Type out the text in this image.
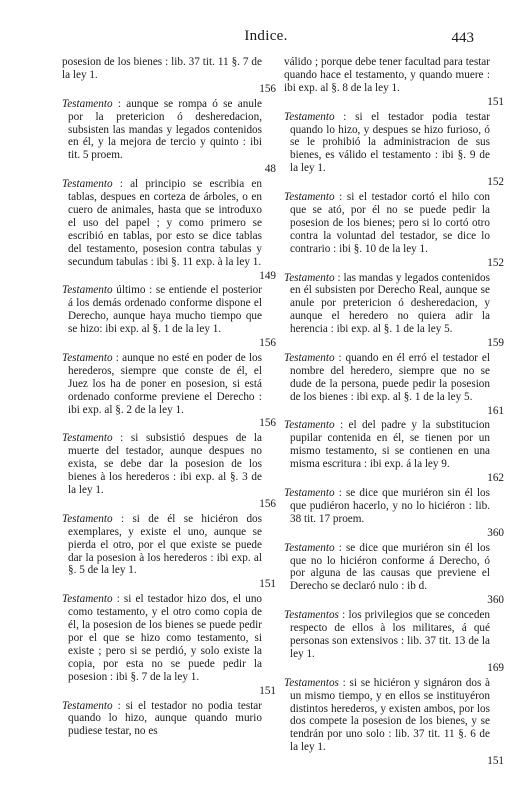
Indice.	443
posesion de los bienes : lib. 37 tit. 11 §. 7 de la ley 1.
156
Testamento : aunque se rompa ó se anule por la pretericion ó desheredacion, subsisten las mandas y legados contenidos en él, y la mejora de tercio y quinto : ibi tit. 5 proem.
48
Testamento : al principio se escribia en tablas, despues en corteza de árboles, o en cuero de animales, hasta que se introduxo el uso del papel ; y como primero se escribió en tablas, por esto se dice tablas del testamento, posesion contra tabulas y secundum tabulas : ibi §. 11 exp. à la ley 1.
149
Testamento último : se entiende el posterior á los demás ordenado conforme dispone el Derecho, aunque haya mucho tiempo que se hizo: ibi exp. al §. 1 de la ley 1.
156
Testamento : aunque no esté en poder de los herederos, siempre que conste de él, el Juez los ha de poner en posesion, si está ordenado conforme previene el Derecho : ibi exp. al §. 2 de la ley 1.
156
Testamento : si subsistió despues de la muerte del testador, aunque despues no exista, se debe dar la posesion de los bienes à los herederos : ibi exp. al §. 3 de la ley 1.
156
Testamento : si de él se hiciéron dos exemplares, y existe el uno, aunque se pierda el otro, por el que existe se puede dar la posesion à los herederos : ibi exp. al §. 5 de la ley 1.
151
Testamento : si el testador hizo dos, el uno como testamento, y el otro como copia de él, la posesion de los bienes se puede pedir por el que se hizo como testamento, si existe ; pero si se perdió, y solo existe la copia, por esta no se puede pedir la posesion : ibi §. 7 de la ley 1.
151
Testamento : si el testador no podia testar quando lo hizo, aunque quando murio pudiese testar, no es
válido ; porque debe tener facultad para testar quando hace el testamento, y quando muere : ibi exp. al §. 8 de la ley 1.
151
Testamento : si el testador podia testar quando lo hizo, y despues se hizo furioso, ó se le prohibió la administracion de sus bienes, es válido el testamento : ibi §. 9 de la ley 1.
152
Testamento : si el testador cortó el hilo con que se ató, por él no se puede pedir la posesion de los bienes; pero si lo cortó otro contra la voluntad del testador, se dice lo contrario : ibi §. 10 de la ley 1.
152
Testamento : las mandas y legados contenidos en él subsisten por Derecho Real, aunque se anule por pretericion ó desheredacion, y aunque el heredero no quiera adir la herencia : ibi exp. al §. 1 de la ley 5.
159
Testamento : quando en él erró el testador el nombre del heredero, siempre que no se dude de la persona, puede pedir la posesion de los bienes : ibi exp. al §. 1 de la ley 5.
161
Testamento : el del padre y la substitucion pupilar contenida en él, se tienen por un mismo testamento, si se contienen en una misma escritura : ibi exp. á la ley 9.
162
Testamento : se dice que muriéron sin él los que pudiéron hacerlo, y no lo hiciéron : lib. 38 tit. 17 proem.
360
Testamento : se dice que muriéron sin él los que no lo hiciéron conforme á Derecho, ó por alguna de las causas que previene el Derecho se declaró nulo : ib d.
360
Testamentos : los privilegios que se conceden respecto de ellos à los militares, á qué personas son extensivos : lib. 37 tit. 13 de la ley 1.
169
Testamentos : si se hiciéron y signáron dos à un mismo tiempo, y en ellos se instituyéron distintos herederos, y existen ambos, por los dos compete la posesion de los bienes, y se tendrán por uno solo : lib. 37 tit. 11 §. 6 de la ley 1.
151
